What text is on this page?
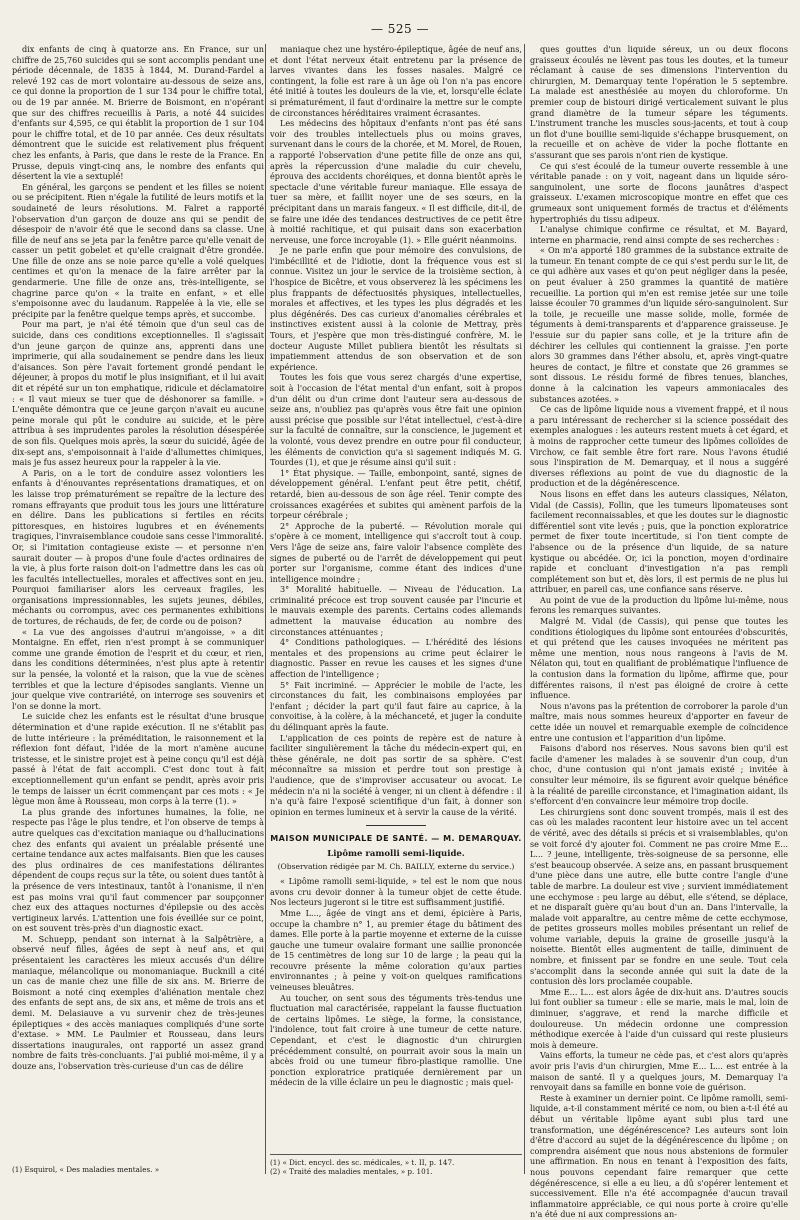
— 525 —

dix enfants de cinq à quatorze ans. En France, sur un chiffre de 25,760 suicides qui se sont accomplis pendant une période décennale, de 1835 à 1844, M. Durand-Fardel a relevé 192 cas de mort volontaire au-dessous de seize ans, ce qui donne la proportion de 1 sur 134 pour le chiffre total, ou de 19 par année. M. Brierre de Boismont, en n'opérant que sur des chiffres recueillis à Paris, a noté 44 suicides d'enfants sur 4,595, ce qui établit la proportion de 1 sur 104 pour le chiffre total, et de 10 par année. Ces deux résultats démontrent que le suicide est relativement plus fréquent chez les enfants, à Paris, que dans le reste de la France. En Prusse, depuis vingt-cinq ans, le nombre des enfants qui désertent la vie a sextuplé!

En général, les garçons se pendent et les filles se noient ou se précipitent. Rien n'égale la futilité de leurs motifs et la soudaineté de leurs résolutions. M. Falret a rapporté l'observation d'un garçon de douze ans qui se pendit de désespoir de n'avoir été que le second dans sa classe. Une fille de neuf ans se jeta par la fenêtre parce qu'elle venait de casser un petit gobelet et qu'elle craignait d'être grondée. Une fille de onze ans se noie parce qu'elle a volé quelques centimes et qu'on la menace de la faire arrêter par la gendarmerie. Une fille de onze ans, très-intelligente, se chagrine parce qu'on « la traite en enfant, » et elle s'empoisonne avec du laudanum. Rappelée à la vie, elle se précipite par la fenêtre quelque temps après, et succombe.

Pour ma part, je n'ai été témoin que d'un seul cas de suicide, dans ces conditions exceptionnelles. Il s'agissait d'un jeune garçon de quinze ans, apprenti dans une imprimerie, qui alla soudainement se pendre dans les lieux d'aisances. Son père l'avait fortement grondé pendant le déjeuner, à propos du motif le plus insignifiant, et il lui avait dit et répété sur un ton emphatique, ridicule et déclamatoire : « Il vaut mieux se tuer que de déshonorer sa famille. » L'enquête démontra que ce jeune garçon n'avait eu aucune peine morale qui pût le conduire au suicide, et le père attribua à ses imprudentes paroles la résolution désespérée de son fils. Quelques mois après, la sœur du suicidé, âgée de dix-sept ans, s'empoisonnait à l'aide d'allumettes chimiques, mais je fus assez heureux pour la rappeler à la vie.

A Paris, on a le tort de conduire assez volontiers les enfants à d'énouvantes représentations dramatiques, et on les laisse trop prématurément se repaître de la lecture des romans effrayants que produit tous les jours une littérature en délire. Dans les publications si fertiles en récits pittoresques, en histoires lugubres et en événements tragiques, l'invraisemblance coudoie sans cesse l'immoralité. Or, si l'imitation contagieuse existe — et personne n'en saurait douter — à propos d'une foule d'actes ordinaires de la vie, à plus forte raison doit-on l'admettre dans les cas où les facultés intellectuelles, morales et affectives sont en jeu. Pourquoi familiariser alors les cerveaux fragiles, les organisations impressionnables, les sujets jeunes, débiles, méchants ou corrompus, avec ces permanentes exhibitions de tortures, de réchauds, de fer, de corde ou de poison?

« La vue des angoisses d'autrui m'angoisse, » a dit Montaigne. En effet, rien n'est prompt à se communiquer comme une grande émotion de l'esprit et du cœur, et rien, dans les conditions déterminées, n'est plus apte à retentir sur la pensée, la volonté et la raison, que la vue de scènes terribles et que la lecture d'épisodes sanglants. Vienne un jour quelque vive contrariété, on interroge ses souvenirs et l'on se donne la mort.

Le suicide chez les enfants est le résultat d'une brusque détermination et d'une rapide exécution. Il ne s'établit pas de lutte intérieure : la préméditation, le raisonnement et la réflexion font défaut, l'idée de la mort n'amène aucune tristesse, et le sinistre projet est à peine conçu qu'il est déjà passé à l'état de fait accompli. C'est donc tout à fait exceptionnellement qu'un enfant se pendit, après avoir pris le temps de laisser un écrit commençant par ces mots : « Je lègue mon âme à Rousseau, mon corps à la terre (1). »

La plus grande des infortunes humaines, la folie, ne respecte pas l'âge le plus tendre, et l'on observe de temps à autre quelques cas d'excitation maniaque ou d'hallucinations chez des enfants qui avaient un préalable présenté une certaine tendance aux actes malfaisants. Bien que les causes des plus ordinaires de ces manifestations délirantes dépendent de coups reçus sur la tête, ou soient dues tantôt à la présence de vers intestinaux, tantôt à l'onanisme, il n'en est pas moins vrai qu'il faut commencer par soupçonner chez eux des attaques nocturnes d'épilepsie ou des accès vertigineux larvés. L'attention une fois éveillée sur ce point, on est souvent très-près d'un diagnostic exact.

M. Schuepp, pendant son internat à la Salpêtrière, a observé neuf filles, âgées de sept à neuf ans, et qui présentaient les caractères les mieux accusés d'un délire maniaque, mélancolique ou monomaniaque. Bucknill a cité un cas de manie chez une fille de six ans. M. Brierre de Boismont a noté cinq exemples d'aliénation mentale chez des enfants de sept ans, de six ans, et même de trois ans et demi. M. Delasiauve a vu survenir chez de très-jeunes épileptiques « des accès maniaques compliqués d'une sorte d'extase. » MM. Le Paulmier et Rousseau, dans leurs dissertations inaugurales, ont rapporté un assez grand nombre de faits très-concluants. J'ai publié moi-même, il y a douze ans, l'observation très-curieuse d'un cas de délire

(1) Esquirol, « Des maladies mentales. »

maniaque chez une hystéro-épileptique, âgée de neuf ans, et dont l'état nerveux était entretenu par la présence de larves vivantes dans les fosses nasales. Malgré ce contingent, la folie est rare à un âge où l'on n'a pas encore été initié à toutes les douleurs de la vie, et, lorsqu'elle éclate si prématurément, il faut d'ordinaire la mettre sur le compte de circonstances héréditaires vraiment écrasantes.

Les médecins des hôpitaux d'enfants n'ont pas été sans voir des troubles intellectuels plus ou moins graves, survenant dans le cours de la chorée, et M. Morel, de Rouen, a rapporté l'observation d'une petite fille de onze ans qui, après la répercussion d'une maladie du cuir chevelu, éprouva des accidents choréiques, et donna bientôt après le spectacle d'une véritable fureur maniaque. Elle essaya de tuer sa mère, et faillit noyer une de ses sœurs, en la précipitant dans un marais fangeux. « Il est difficile, dit-il, de se faire une idée des tendances destructives de ce petit être à moitié rachitique, et qui puisait dans son exacerbation nerveuse, une force incroyable (1). » Elle guérit néanmoins.

Je ne parle enfin que pour mémoire des convulsions, de l'imbécillité et de l'idiotie, dont la fréquence vous est si connue. Visitez un jour le service de la troisième section, à l'hospice de Bicêtre, et vous observerez là les spécimens les plus frappants de défectuosités physiques, intellectuelles, morales et affectives, et les types les plus dégradés et les plus dégénérés. Des cas curieux d'anomalies cérébrales et instinctives existent aussi à la colonie de Mettray, près Tours, et j'espère que mon très-distingué confrère, M. le docteur Auguste Millet publiera bientôt les résultats si impatiemment attendus de son observation et de son expérience.

Toutes les fois que vous serez chargés d'une expertise, soit à l'occasion de l'état mental d'un enfant, soit à propos d'un délit ou d'un crime dont l'auteur sera au-dessous de seize ans, n'oubliez pas qu'après vous être fait une opinion aussi précise que possible sur l'état intellectuel, c'est-à-dire sur la faculté de connaître, sur la conscience, le jugement et la volonté, vous devez prendre en outre pour fil conducteur, les éléments de conviction qu'a si sagement indiqués M. G. Tourdes (1), et que je résume ainsi qu'il suit :

1° État physique. — Taille, embonpoint, santé, signes de développement général. L'enfant peut être petit, chétif, retardé, bien au-dessous de son âge réel. Tenir compte des croissances exagérées et subites qui amènent parfois de la torpeur cérébrale ;

2° Approche de la puberté. — Révolution morale qui s'opère à ce moment, intelligence qui s'accroît tout à coup. Vers l'âge de seize ans, faire valoir l'absence complète des signes de puberté ou de l'arrêt de développement qui peut porter sur l'organisme, comme étant des indices d'une intelligence moindre ;

3° Moralité habituelle. — Niveau de l'éducation. La criminalité précoce est trop souvent causée par l'incurie et le mauvais exemple des parents. Certains codes allemands admettent la mauvaise éducation au nombre des circonstances atténuantes ;

4° Conditions pathologiques. — L'hérédité des lésions mentales et des propensions au crime peut éclairer le diagnostic. Passer en revue les causes et les signes d'une affection de l'intelligence ;

5° Fait incriminé. — Apprécier le mobile de l'acte, les circonstances du fait, les combinaisons employées par l'enfant ; décider la part qu'il faut faire au caprice, à la convoitise, à la colère, à la méchanceté, et juger la conduite du délinquant après la faute.

L'application de ces points de repère est de nature à faciliter singulièrement la tâche du médecin-expert qui, en thèse générale, ne doit pas sortir de sa sphère. C'est méconnaître sa mission et perdre tout son prestige à l'audience, que de s'improviser accusateur ou avocat. Le médecin n'a ni la société à venger, ni un client à défendre : il n'a qu'à faire l'exposé scientifique d'un fait, à donner son opinion en termes lumineux et à servir la cause de la vérité.

MAISON MUNICIPALE DE SANTÉ. — M. DEMARQUAY.
Lipôme ramolli semi-liquide.
(Observation rédigée par M. Ch. BAILLY, externe du service.)

« Lipôme ramolli semi-liquide, » tel est le nom que nous avons cru devoir donner à la tumeur objet de cette étude. Nos lecteurs jugeront si le titre est suffisamment justifié.

Mme L..., âgée de vingt ans et demi, épicière à Paris, occupe la chambre n° 1, au premier étage du bâtiment des dames. Elle porte à la partie moyenne et externe de la cuisse gauche une tumeur ovalaire formant une saillie prononcée de 15 centimètres de long sur 10 de large ; la peau qui la recouvre présente la même coloration qu'aux parties environnantes ; à peine y voit-on quelques ramifications veineuses bleuâtres.

Au toucher, on sent sous des téguments très-tendus une fluctuation mal caractérisée, rappelant la fausse fluctuation de certains lipômes. Le siège, la forme, la consistance, l'indolence, tout fait croire à une tumeur de cette nature. Cependant, et c'est le diagnostic d'un chirurgien précédemment consulté, on pourrait avoir sous la main un abcès froid ou une tumeur fibro-plastique ramollie. Une ponction exploratrice pratiquée dernièrement par un médecin de la ville éclaire un peu le diagnostic ; mais quel-

(1) « Dict. encycl. des sc. médicales, » t. II, p. 147.
(2) « Traité des maladies mentales, » p. 101.

ques gouttes d'un liquide séreux, un ou deux flocons graisseux écoulés ne lèvent pas tous les doutes, et la tumeur réclamant à cause de ses dimensions l'intervention du chirurgien, M. Demarquay tente l'opération le 5 septembre. La malade est anesthésiée au moyen du chloroforme. Un premier coup de bistouri dirigé verticalement suivant le plus grand diamètre de la tumeur sépare les téguments. L'instrument tranche les muscles sous-jacents, et tout à coup un flot d'une bouillie semi-liquide s'échappe brusquement, on la recueille et on achève de vider la poche flottante en s'assurant que ses parois n'ont rien de kystique.

Ce qui s'est écoulé de la tumeur ouverte ressemble à une véritable panade : on y voit, nageant dans un liquide séro-sanguinolent, une sorte de flocons jaunâtres d'aspect graisseux. L'examen microscopique montre en effet que ces grumeaux sont uniquement formés de tractus et d'éléments hypertrophiés du tissu adipeux.

L'analyse chimique confirme ce résultat, et M. Bayard, interne en pharmacie, rend ainsi compte de ses recherches :

« On m'a apporté 180 grammes de la substance extraite de la tumeur. En tenant compte de ce qui s'est perdu sur le lit, de ce qui adhère aux vases et qu'on peut négliger dans la pesée, on peut évaluer à 250 grammes la quantité de matière recueillie. La portion qui m'en est remise jetée sur une toile laisse écouler 70 grammes d'un liquide séro-sanguinolent. Sur la toile, je recueille une masse solide, molle, formée de téguments à demi-transparents et d'apparence graisseuse. Je l'essuie sur du papier sans colle, et je la triture afin de déchirer les cellules qui contiennent la graisse. J'en porte alors 30 grammes dans l'éther absolu, et, après vingt-quatre heures de contact, je filtre et constate que 26 grammes se sont dissous. Le résidu formé de fibres tenues, blanches, donne à la calcination les vapeurs ammoniacales des substances azotées. »

Ce cas de lipôme liquide nous a vivement frappé, et il nous a paru intéressant de rechercher si la science possédait des exemples analogues : les auteurs restent muets à cet égard, et à moins de rapprocher cette tumeur des lipômes colloïdes de Virchow, ce fait semble être fort rare. Nous l'avons étudié sous l'inspiration de M. Demarquay, et il nous a suggéré diverses réflexions au point de vue du diagnostic de la production et de la dégénérescence.

Nous lisons en effet dans les auteurs classiques, Nélaton, Vidal (de Cassis), Follin, que les tumeurs lipomateuses sont facilement reconnaissables, et que les doutes sur le diagnostic différentiel sont vite levés ; puis, que la ponction exploratrice permet de fixer toute incertitude, si l'on tient compte de l'absence ou de la présence d'un liquide, de sa nature kystique ou abcédée. Or, ici la ponction, moyen d'ordinaire rapide et concluant d'investigation n'a pas rempli complétement son but et, dès lors, il est permis de ne plus lui attribuer, en pareil cas, une confiance sans réserve.

Au point de vue de la production du lipôme lui-même, nous ferons les remarques suivantes.

Malgré M. Vidal (de Cassis), qui pense que toutes les conditions étiologiques du lipôme sont entourées d'obscurités, et qui prétend que les causes invoquées ne méritent pas même une mention, nous nous rangeons à l'avis de M. Nélaton qui, tout en qualifiant de problématique l'influence de la contusion dans la formation du lipôme, affirme que, pour différentes raisons, il n'est pas éloigné de croire à cette influence.

Nous n'avons pas la prétention de corroborer la parole d'un maître, mais nous sommes heureux d'apporter en faveur de cette idée un nouvel et remarquable exemple de coïncidence entre une contusion et l'apparition d'un lipôme.

Faisons d'abord nos réserves. Nous savons bien qu'il est facile d'amener les malades à se souvenir d'un coup, d'un choc, d'une contusion qui n'ont jamais existé ; invitée à consulter leur mémoire, ils se figurent avoir quelque bénéfice à la réalité de pareille circonstance, et l'imagination aidant, ils s'efforcent d'en convaincre leur mémoire trop docile.

Les chirurgiens sont donc souvent trompés, mais il est des cas où les malades racontent leur histoire avec un tel accent de vérité, avec des détails si précis et si vraisemblables, qu'on se voit forcé d'y ajouter foi. Comment ne pas croire Mme E... L... ? jeune, intelligente, très-soigneuse de sa personne, elle s'est beaucoup observée. A seize ans, en passant brusquement d'une pièce dans une autre, elle butte contre l'angle d'une table de marbre. La douleur est vive ; survient immédiatement une ecchymose : peu large au début, elle s'étend, se déplace, et ne disparaît guère qu'au bout d'un an. Dans l'intervalle, la malade voit apparaître, au centre même de cette ecchymose, de petites grosseurs molles mobiles présentant un relief de volume variable, depuis la graine de groseille jusqu'à la noisette. Bientôt elles augmentent de taille, diminuent de nombre, et finissent par se fondre en une seule. Tout cela s'accomplit dans la seconde année qui suit la date de la contusion dès lors proclamée coupable.

Mme E... L... est alors âgée de dix-huit ans. D'autres soucis lui font oublier sa tumeur : elle se marie, mais le mal, loin de diminuer, s'aggrave, et rend la marche difficile et douloureuse. Un médecin ordonne une compression méthodique exercée à l'aide d'un cuissard qui reste plusieurs mois à demeure.

Vains efforts, la tumeur ne cède pas, et c'est alors qu'après avoir pris l'avis d'un chirurgien, Mme E... L... est entrée à la maison de santé. Il y a quelques jours, M. Demarquay l'a renvoyait dans sa famille en bonne voie de guérison.

Reste à examiner un dernier point. Ce lipôme ramolli, semi-liquide, a-t-il constamment mérité ce nom, ou bien a-t-il été au début un véritable lipôme ayant subi plus tard une transformation, une dégénérescence? Les auteurs sont loin d'être d'accord au sujet de la dégénérescence du lipôme ; on comprendra aisément que nous nous abstenions de formuler une affirmation. En nous en tenant à l'exposition des faits, nous pouvons cependant faire remarquer que cette dégénérescence, si elle a eu lieu, a dû s'opérer lentement et successivement. Elle n'a été accompagnée d'aucun travail inflammatoire appréciable, ce qui nous porte à croire qu'elle n'a été due ni aux compressions an-
